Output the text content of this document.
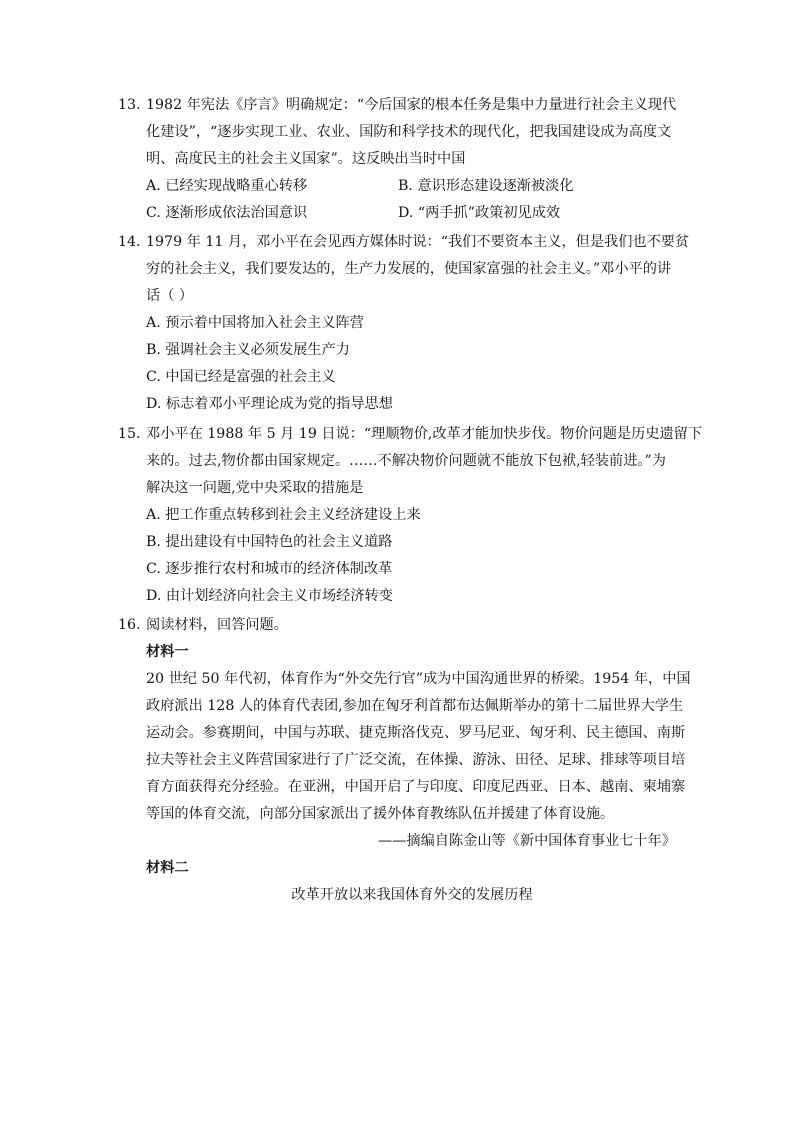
13. 1982 年宪法《序言》明确规定：“今后国家的根本任务是集中力量进行社会主义现代
化建设”，“逐步实现工业、农业、国防和科学技术的现代化，把我国建设成为高度文
明、高度民主的社会主义国家”。这反映出当时中国
A. 已经实现战略重心转移	B. 意识形态建设逐渐被淡化
C. 逐渐形成依法治国意识	D. “两手抓”政策初见成效
14. 1979 年 11 月，邓小平在会见西方媒体时说：“我们不要资本主义，但是我们也不要贫
穷的社会主义，我们要发达的，生产力发展的，使国家富强的社会主义。”邓小平的讲
话（ ）
A. 预示着中国将加入社会主义阵营
B. 强调社会主义必须发展生产力
C. 中国已经是富强的社会主义
D. 标志着邓小平理论成为党的指导思想
15. 邓小平在 1988 年 5 月 19 日说：“理顺物价,改革才能加快步伐。物价问题是历史遗留下
来的。过去,物价都由国家规定。……不解决物价问题就不能放下包袱,轻装前进。”为
解决这一问题,党中央采取的措施是
A. 把工作重点转移到社会主义经济建设上来
B. 提出建设有中国特色的社会主义道路
C. 逐步推行农村和城市的经济体制改革
D. 由计划经济向社会主义市场经济转变
16. 阅读材料，回答问题。
材料一
20 世纪 50 年代初，体育作为“外交先行官”成为中国沟通世界的桥梁。1954 年，中国
政府派出 128 人的体育代表团,参加在匈牙利首都布达佩斯举办的第十二届世界大学生
运动会。参赛期间，中国与苏联、捷克斯洛伐克、罗马尼亚、匈牙利、民主德国、南斯
拉夫等社会主义阵营国家进行了广泛交流，在体操、游泳、田径、足球、排球等项目培
育方面获得充分经验。在亚洲，中国开启了与印度、印度尼西亚、日本、越南、柬埔寨
等国的体育交流，向部分国家派出了援外体育教练队伍并援建了体育设施。
——摘编自陈金山等《新中国体育事业七十年》
材料二
改革开放以来我国体育外交的发展历程
